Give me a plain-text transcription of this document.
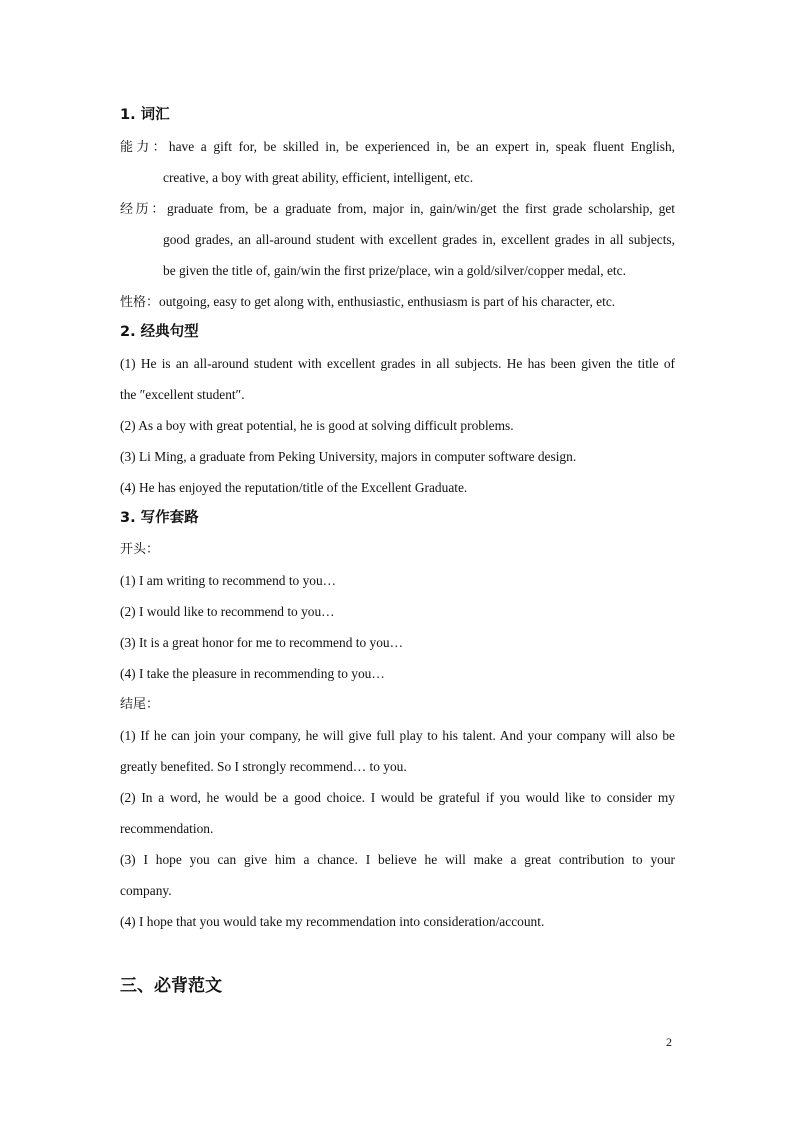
1. 词汇
能力：have a gift for, be skilled in, be experienced in, be an expert in, speak fluent English,
creative, a boy with great ability, efficient, intelligent, etc.
经历：graduate from, be a graduate from, major in, gain/win/get the first grade scholarship, get
good grades, an all-around student with excellent grades in, excellent grades in all subjects,
be given the title of, gain/win the first prize/place, win a gold/silver/copper medal, etc.
性格：outgoing, easy to get along with, enthusiastic, enthusiasm is part of his character, etc.
2. 经典句型
(1) He is an all-around student with excellent grades in all subjects. He has been given the title of
the ″excellent student″.
(2) As a boy with great potential, he is good at solving difficult problems.
(3) Li Ming, a graduate from Peking University, majors in computer software design.
(4) He has enjoyed the reputation/title of the Excellent Graduate.
3. 写作套路
开头：
(1) I am writing to recommend to you…
(2) I would like to recommend to you…
(3) It is a great honor for me to recommend to you…
(4) I take the pleasure in recommending to you…
结尾：
(1) If he can join your company, he will give full play to his talent. And your company will also be
greatly benefited. So I strongly recommend… to you.
(2) In a word, he would be a good choice. I would be grateful if you would like to consider my
recommendation.
(3) I hope you can give him a chance. I believe he will make a great contribution to your
company.
(4) I hope that you would take my recommendation into consideration/account.
三、必背范文
2
